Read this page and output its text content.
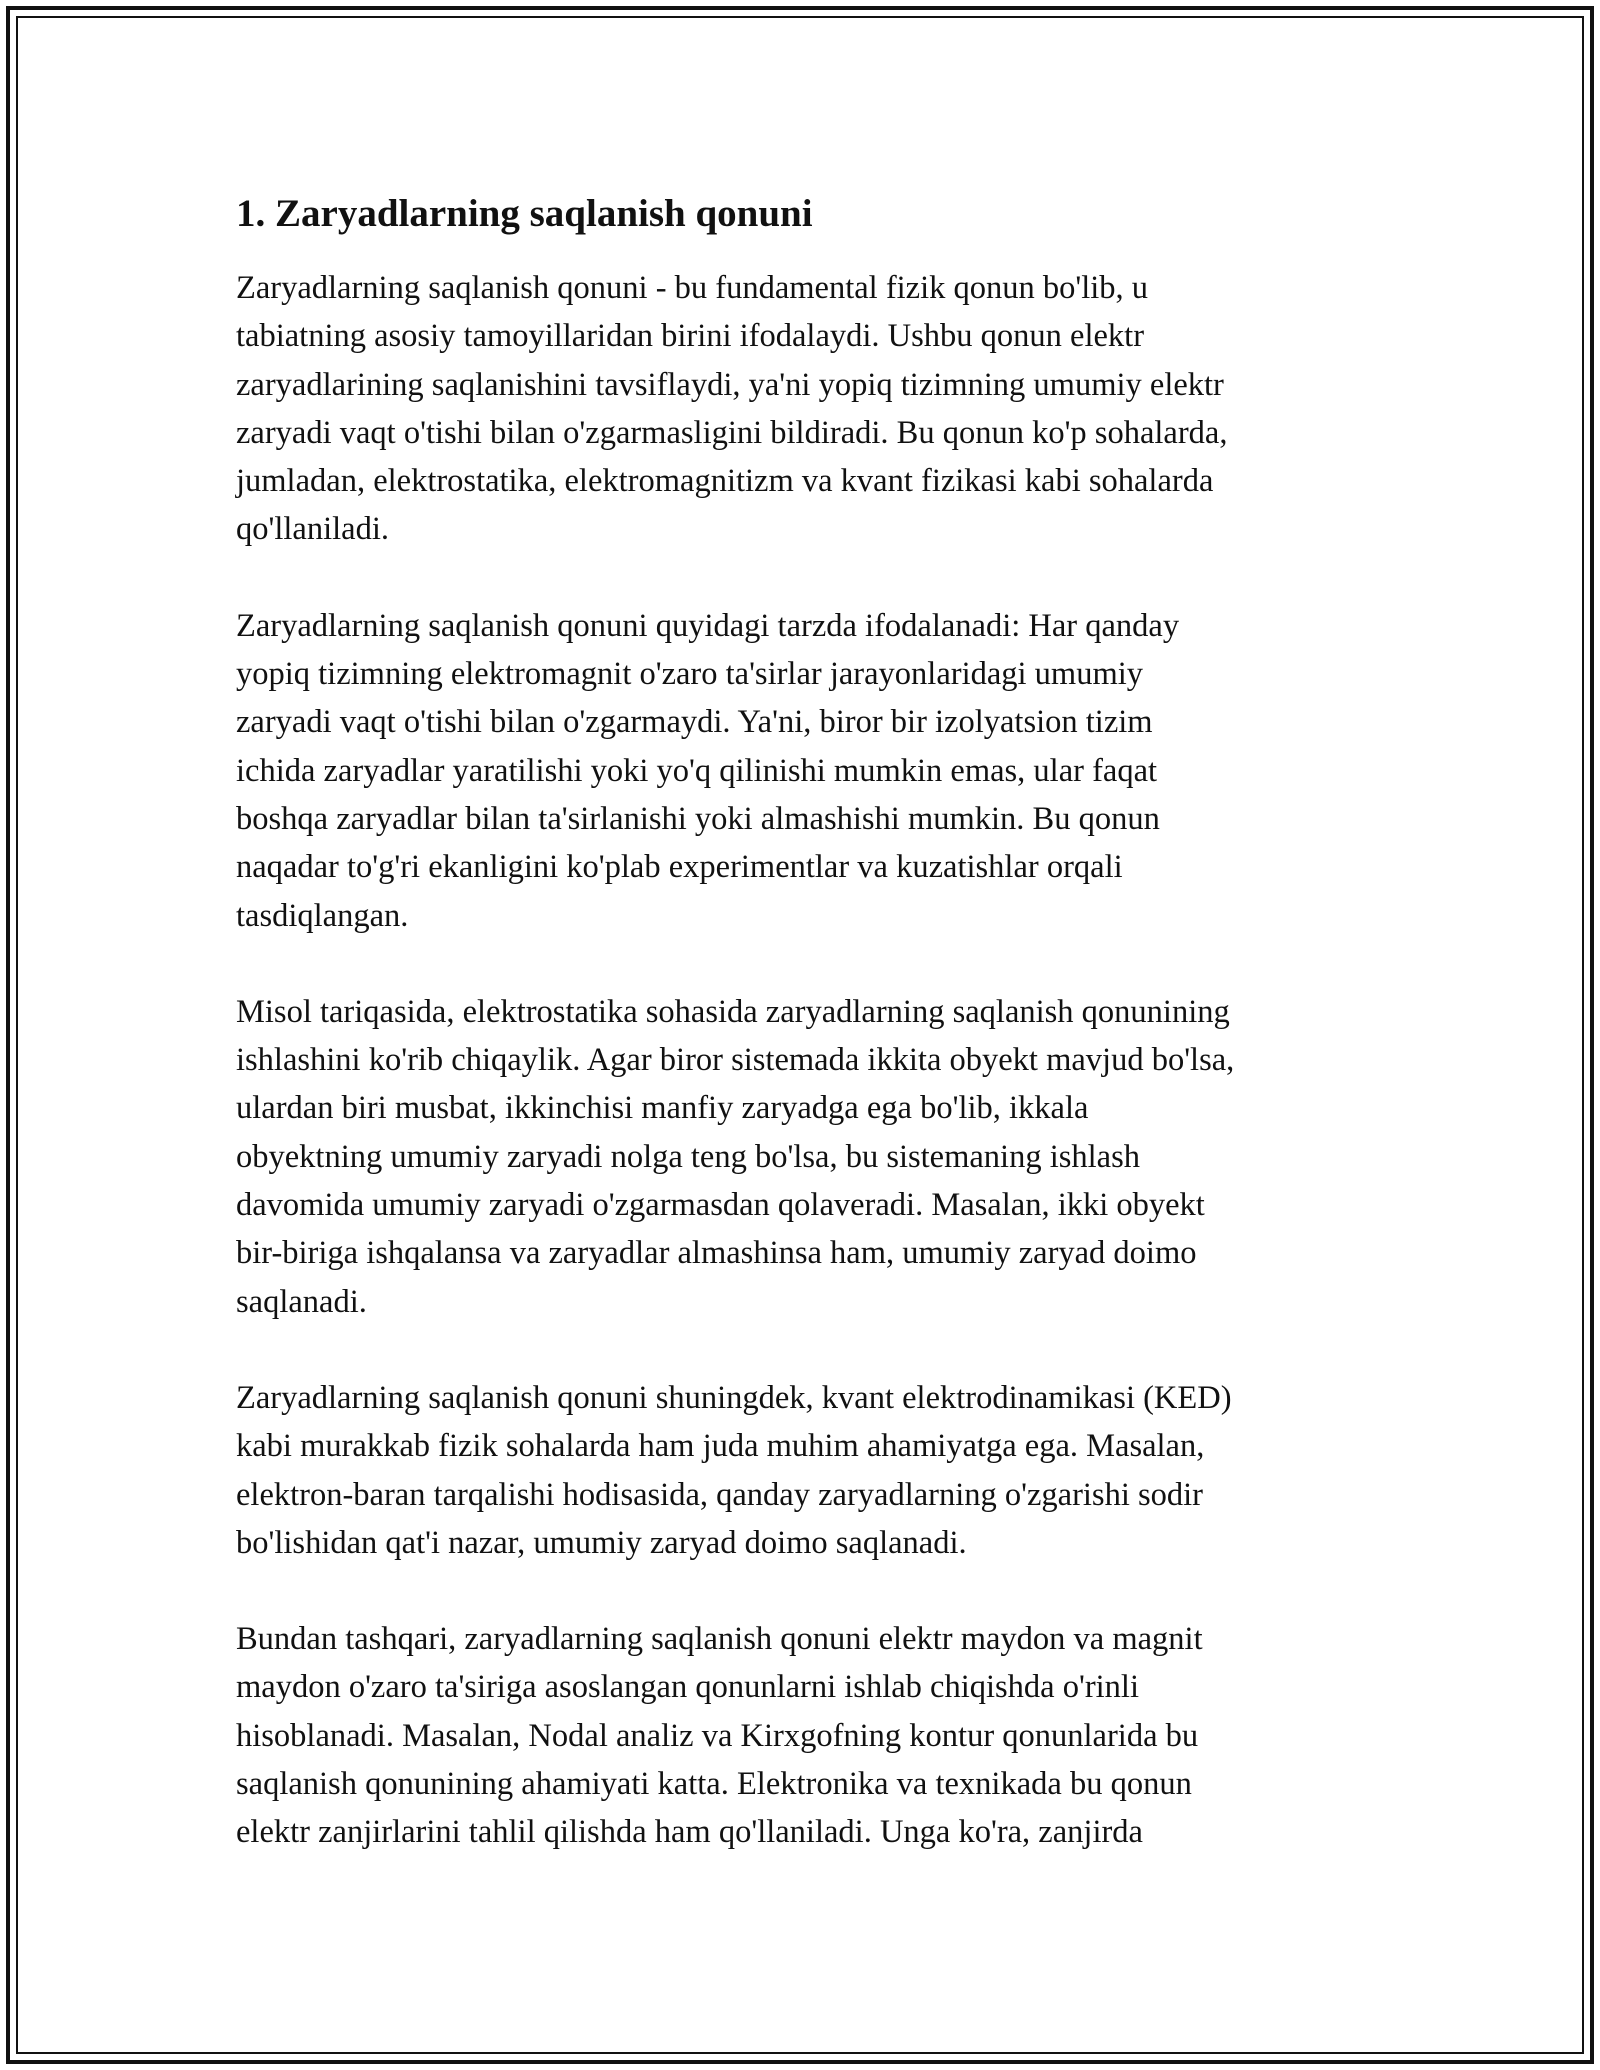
1. Zaryadlarning saqlanish qonuni

Zaryadlarning saqlanish qonuni - bu fundamental fizik qonun bo'lib, u
tabiatning asosiy tamoyillaridan birini ifodalaydi. Ushbu qonun elektr
zaryadlarining saqlanishini tavsiflaydi, ya'ni yopiq tizimning umumiy elektr
zaryadi vaqt o'tishi bilan o'zgarmasligini bildiradi. Bu qonun ko'p sohalarda,
jumladan, elektrostatika, elektromagnitizm va kvant fizikasi kabi sohalarda
qo'llaniladi.

Zaryadlarning saqlanish qonuni quyidagi tarzda ifodalanadi: Har qanday
yopiq tizimning elektromagnit o'zaro ta'sirlar jarayonlaridagi umumiy
zaryadi vaqt o'tishi bilan o'zgarmaydi. Ya'ni, biror bir izolyatsion tizim
ichida zaryadlar yaratilishi yoki yo'q qilinishi mumkin emas, ular faqat
boshqa zaryadlar bilan ta'sirlanishi yoki almashishi mumkin. Bu qonun
naqadar to'g'ri ekanligini ko'plab experimentlar va kuzatishlar orqali
tasdiqlangan.

Misol tariqasida, elektrostatika sohasida zaryadlarning saqlanish qonunining
ishlashini ko'rib chiqaylik. Agar biror sistemada ikkita obyekt mavjud bo'lsa,
ulardan biri musbat, ikkinchisi manfiy zaryadga ega bo'lib, ikkala
obyektning umumiy zaryadi nolga teng bo'lsa, bu sistemaning ishlash
davomida umumiy zaryadi o'zgarmasdan qolaveradi. Masalan, ikki obyekt
bir-biriga ishqalansa va zaryadlar almashinsa ham, umumiy zaryad doimo
saqlanadi.

Zaryadlarning saqlanish qonuni shuningdek, kvant elektrodinamikasi (KED)
kabi murakkab fizik sohalarda ham juda muhim ahamiyatga ega. Masalan,
elektron-baran tarqalishi hodisasida, qanday zaryadlarning o'zgarishi sodir
bo'lishidan qat'i nazar, umumiy zaryad doimo saqlanadi.

Bundan tashqari, zaryadlarning saqlanish qonuni elektr maydon va magnit
maydon o'zaro ta'siriga asoslangan qonunlarni ishlab chiqishda o'rinli
hisoblanadi. Masalan, Nodal analiz va Kirxgofning kontur qonunlarida bu
saqlanish qonunining ahamiyati katta. Elektronika va texnikada bu qonun
elektr zanjirlarini tahlil qilishda ham qo'llaniladi. Unga ko'ra, zanjirda
